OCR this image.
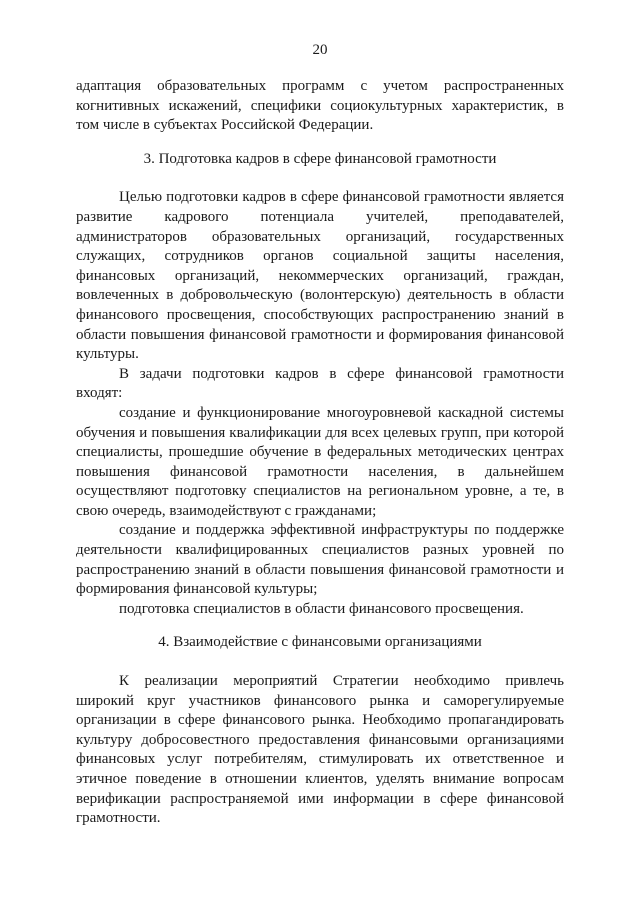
20

адаптация образовательных программ с учетом распространенных когнитивных искажений, специфики социокультурных характеристик, в том числе в субъектах Российской Федерации.

3. Подготовка кадров в сфере финансовой грамотности

Целью подготовки кадров в сфере финансовой грамотности является развитие кадрового потенциала учителей, преподавателей, администраторов образовательных организаций, государственных служащих, сотрудников органов социальной защиты населения, финансовых организаций, некоммерческих организаций, граждан, вовлеченных в добровольческую (волонтерскую) деятельность в области финансового просвещения, способствующих распространению знаний в области повышения финансовой грамотности и формирования финансовой культуры.

В задачи подготовки кадров в сфере финансовой грамотности входят:

создание и функционирование многоуровневой каскадной системы обучения и повышения квалификации для всех целевых групп, при которой специалисты, прошедшие обучение в федеральных методических центрах повышения финансовой грамотности населения, в дальнейшем осуществляют подготовку специалистов на региональном уровне, а те, в свою очередь, взаимодействуют с гражданами;

создание и поддержка эффективной инфраструктуры по поддержке деятельности квалифицированных специалистов разных уровней по распространению знаний в области повышения финансовой грамотности и формирования финансовой культуры;

подготовка специалистов в области финансового просвещения.

4. Взаимодействие с финансовыми организациями

К реализации мероприятий Стратегии необходимо привлечь широкий круг участников финансового рынка и саморегулируемые организации в сфере финансового рынка. Необходимо пропагандировать культуру добросовестного предоставления финансовыми организациями финансовых услуг потребителям, стимулировать их ответственное и этичное поведение в отношении клиентов, уделять внимание вопросам верификации распространяемой ими информации в сфере финансовой грамотности.
